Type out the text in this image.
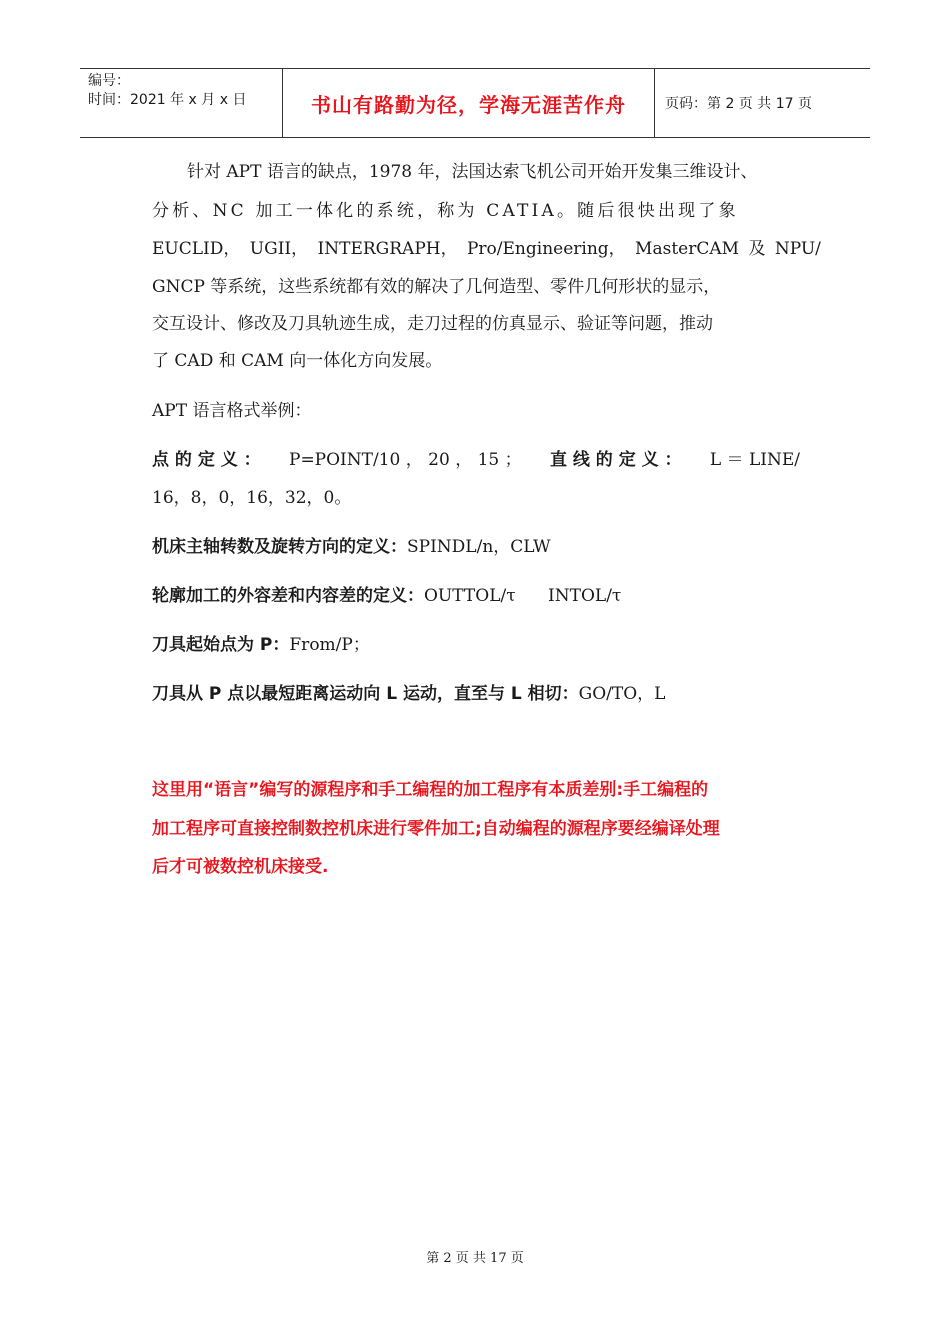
编号：
时间：2021 年 x 月 x 日	书山有路勤为径，学海无涯苦作舟	页码：第 2 页 共 17 页
针对 APT 语言的缺点，1978 年，法国达索飞机公司开始开发集三维设计、
分析、NC 加工一体化的系统，称为 CATIA。随后很快出现了象
EUCLID， UGII， INTERGRAPH， Pro/Engineering， MasterCAM 及 NPU/
GNCP 等系统，这些系统都有效的解决了几何造型、零件几何形状的显示，
交互设计、修改及刀具轨迹生成，走刀过程的仿真显示、验证等问题，推动
了 CAD 和 CAM 向一体化方向发展。
APT 语言格式举例：
点 的 定 义 ： P=POINT/10 ， 20 ， 15 ； 直 线 的 定 义 ： L ＝ LINE/
16，8，0，16，32，0。
机床主轴转数及旋转方向的定义：SPINDL/n，CLW
轮廓加工的外容差和内容差的定义：OUTTOL/τ      INTOL/τ
刀具起始点为 P：From/P；
刀具从 P 点以最短距离运动向 L 运动，直至与 L 相切：GO/TO，L
这里用“语言”编写的源程序和手工编程的加工程序有本质差别:手工编程的
加工程序可直接控制数控机床进行零件加工;自动编程的源程序要经编译处理
后才可被数控机床接受.
第 2 页 共 17 页
